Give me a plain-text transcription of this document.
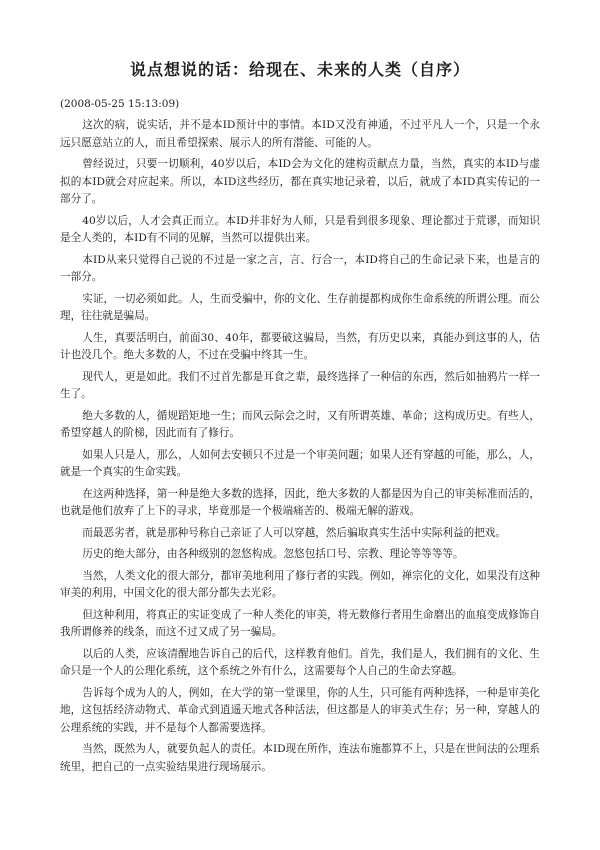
说点想说的话：给现在、未来的人类（自序）
(2008-05-25 15:13:09)

这次的病，说实话，并不是本ID预计中的事情。本ID又没有神通，不过平凡人一个，只是一个永远只愿意站立的人，而且希望探索、展示人的所有潜能、可能的人。

曾经说过，只要一切顺利，40岁以后，本ID会为文化的建构贡献点力量，当然，真实的本ID与虚拟的本ID就会对应起来。所以，本ID这些经历，都在真实地记录着，以后，就成了本ID真实传记的一部分了。

40岁以后，人才会真正而立。本ID并非好为人师，只是看到很多现象、理论都过于荒谬，而知识是全人类的，本ID有不同的见解，当然可以提供出来。

本ID从来只觉得自己说的不过是一家之言，言、行合一，本ID将自己的生命记录下来，也是言的一部分。

实证，一切必须如此。人，生而受骗中，你的文化、生存前提都构成你生命系统的所谓公理。而公理，往往就是骗局。

人生，真要活明白，前面30、40年，都要破这骗局，当然，有历史以来，真能办到这事的人，估计也没几个。绝大多数的人，不过在受骗中终其一生。

现代人，更是如此。我们不过首先都是耳食之辈，最终选择了一种信的东西，然后如抽鸦片一样一生了。

绝大多数的人，循规蹈矩地一生；而风云际会之时，又有所谓英雄、革命；这构成历史。有些人，希望穿越人的阶梯，因此而有了修行。

如果人只是人，那么，人如何去安顿只不过是一个审美问题；如果人还有穿越的可能，那么，人，就是一个真实的生命实践。

在这两种选择，第一种是绝大多数的选择，因此，绝大多数的人都是因为自己的审美标准而活的，也就是他们放弃了上下的寻求，毕竟那是一个极端痛苦的、极端无解的游戏。

而最恶劣者，就是那种号称自己亲证了人可以穿越，然后骗取真实生活中实际利益的把戏。

历史的绝大部分，由各种级别的忽悠构成。忽悠包括口号、宗教、理论等等等等。

当然，人类文化的很大部分，都审美地利用了修行者的实践。例如，禅宗化的文化，如果没有这种审美的利用，中国文化的很大部分都失去光彩。

但这种利用，将真正的实证变成了一种人类化的审美，将无数修行者用生命磨出的血痕变成修饰自我所谓修养的线条，而这不过又成了另一骗局。

以后的人类，应该清醒地告诉自己的后代，这样教育他们。首先，我们是人，我们拥有的文化、生命只是一个人的公理化系统，这个系统之外有什么，这需要每个人自己的生命去穿越。

告诉每个成为人的人，例如，在大学的第一堂课里，你的人生，只可能有两种选择，一种是审美化地，这包括经济动物式、革命式到逍遥天地式各种活法，但这都是人的审美式生存；另一种，穿越人的公理系统的实践，并不是每个人都需要选择。

当然，既然为人，就要负起人的责任。本ID现在所作，连法布施都算不上，只是在世间法的公理系统里，把自己的一点实验结果进行现场展示。
